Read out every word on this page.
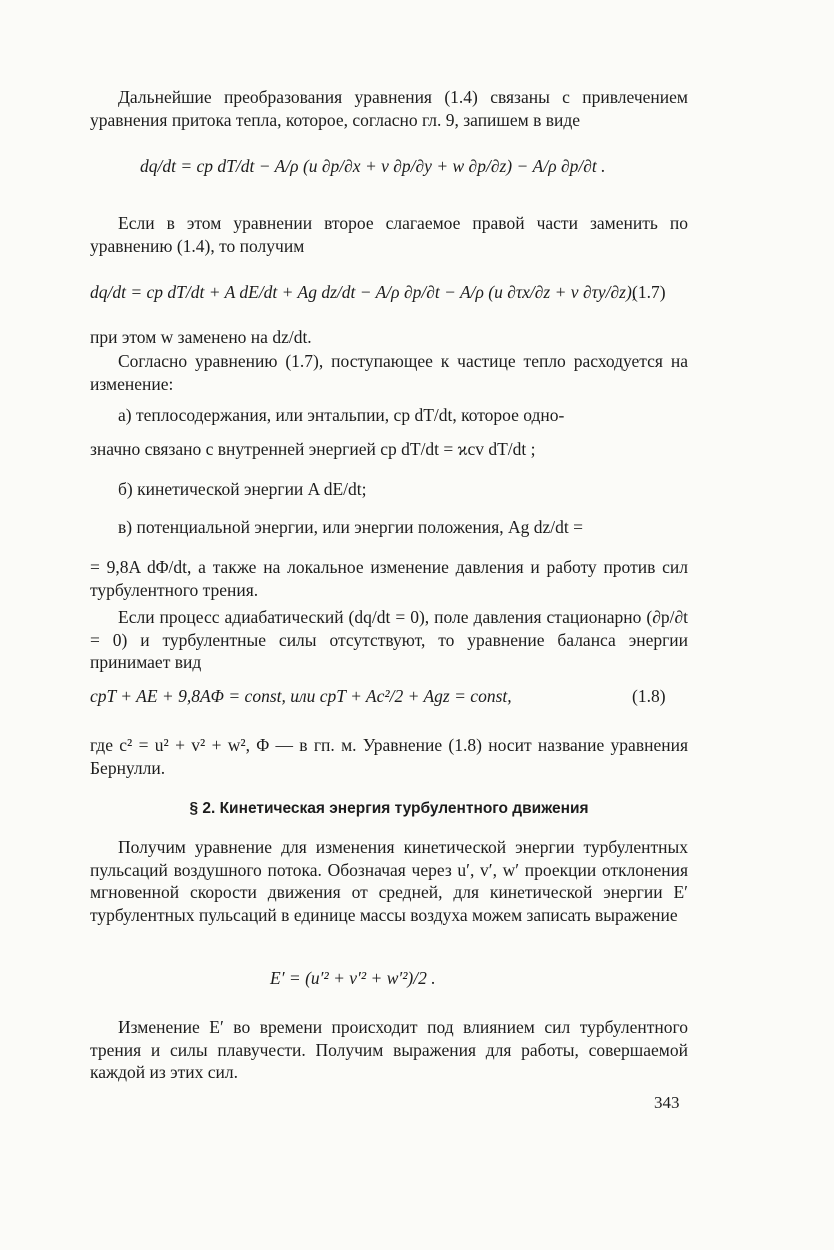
Дальнейшие преобразования уравнения (1.4) связаны с привлечением уравнения притока тепла, которое, согласно гл. 9, запишем в виде
dq/dt = cp dT/dt − A/ρ (u ∂p/∂x + v ∂p/∂y + w ∂p/∂z) − A/ρ ∂p/∂t .
Если в этом уравнении второе слагаемое правой части заменить по уравнению (1.4), то получим
dq/dt = cp dT/dt + A dE/dt + Ag dz/dt − A/ρ ∂p/∂t − A/ρ (u ∂τx/∂z + v ∂τy/∂z),
(1.7)
при этом w заменено на dz/dt.
Согласно уравнению (1.7), поступающее к частице тепло расходуется на изменение:
а) теплосодержания, или энтальпии, cp dT/dt, которое одно-
значно связано с внутренней энергией cp dT/dt = ϰcv dT/dt ;
б) кинетической энергии A dE/dt;
в) потенциальной энергии, или энергии положения, Ag dz/dt =
= 9,8A dΦ/dt, а также на локальное изменение давления и работу против сил турбулентного трения.
Если процесс адиабатический (dq/dt = 0), поле давления стационарно (∂p/∂t = 0) и турбулентные силы отсутствуют, то уравнение баланса энергии принимает вид
cpT + AE + 9,8AΦ = const, или cpT + Ac²/2 + Agz = const,	(1.8)
где c² = u² + v² + w², Φ — в гп. м. Уравнение (1.8) носит название уравнения Бернулли.
§ 2. Кинетическая энергия турбулентного движения
Получим уравнение для изменения кинетической энергии турбулентных пульсаций воздушного потока. Обозначая через u′, v′, w′ проекции отклонения мгновенной скорости движения от средней, для кинетической энергии E′ турбулентных пульсаций в единице массы воздуха можем записать выражение
E′ = (u′² + v′² + w′²)/2 .
Изменение E′ во времени происходит под влиянием сил турбулентного трения и силы плавучести. Получим выражения для работы, совершаемой каждой из этих сил.
343
